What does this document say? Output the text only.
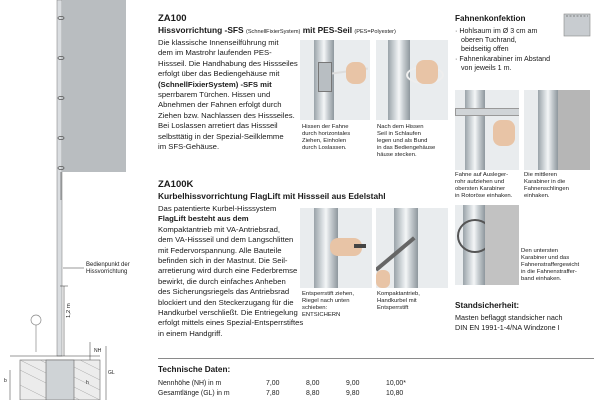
Bedienpunkt der
Hissvorrichtung
1,2 m
NH
GL
b	h
ZA100
Hissvorrichtung -SFS (SchnellFixierSystem) mit PES-Seil (PES=Polyester)
Die klassische Innenseilführung mit
dem im Mastrohr laufenden PES-
Hissseil. Die Handhabung des Hissseiles
erfolgt über das Bediengehäuse mit
(SchnellFixierSystem) -SFS mit
sperrbarem Türchen. Hissen und
Abnehmen der Fahnen erfolgt durch
Ziehen bzw. Nachlassen des Hissseiles.
Bei Loslassen arretiert das Hissseil
selbsttätig in der Spezial-Seilklemme
im SFS-Gehäuse.
Hissen der Fahne
durch horizontales
Ziehen, Einholen
durch Loslassen.
Nach dem Hissen
Seil in Schlaufen
legen und als Bund
in das Bediengehäuse
häuse stecken.
Fahnenkonfektion
· Hohlsaum im Ø 3 cm am
oberen Tuchrand,
beidseitig offen
· Fahnenkarabiner im Abstand
von jeweils 1 m.
Fahne auf Ausleger-
rohr aufziehen und
obersten Karabiner
in Rotoröse einhaken.
Die mittleren
Karabiner in die
Fahnenschlingen
einhaken.
Den untersten
Karabiner und das
Fahnenstraffergewicht
in die Fahnenstraffer-
band einhaken.
ZA100K
Kurbelhissvorrichtung FlagLift mit Hissseil aus Edelstahl
Das patentierte Kurbel-Hisssystem
FlagLift besteht aus dem
Kompaktantrieb mit VA-Antriebsrad,
dem VA-Hissseil und dem Langschlitten
mit Federvorspannung. Alle Bauteile
befinden sich in der Mastnut. Die Seil-
arretierung wird durch eine Federbremse
bewirkt, die durch einfaches Anheben
des Sicherungsriegels das Antriebsrad
blockiert und den Steckerzugang für die
Handkurbel verschließt. Die Entriegelung
erfolgt mittels eines Spezial-Entsperrstiftes
in einem Handgriff.
Entsperrstift ziehen,
Riegel nach unten
schieben:
ENTSICHERN
Kompaktantrieb,
Handkurbel mit
Entsperrstift	Standsicherheit:
Masten beflaggt standsicher nach
DIN EN 1991-1-4/NA Windzone I
Technische Daten:
Nennhöhe (NH) in m	7,00	8,00	9,00	10,00*
Gesamtlänge (GL) in m	7,80	8,80	9,80	10,80
